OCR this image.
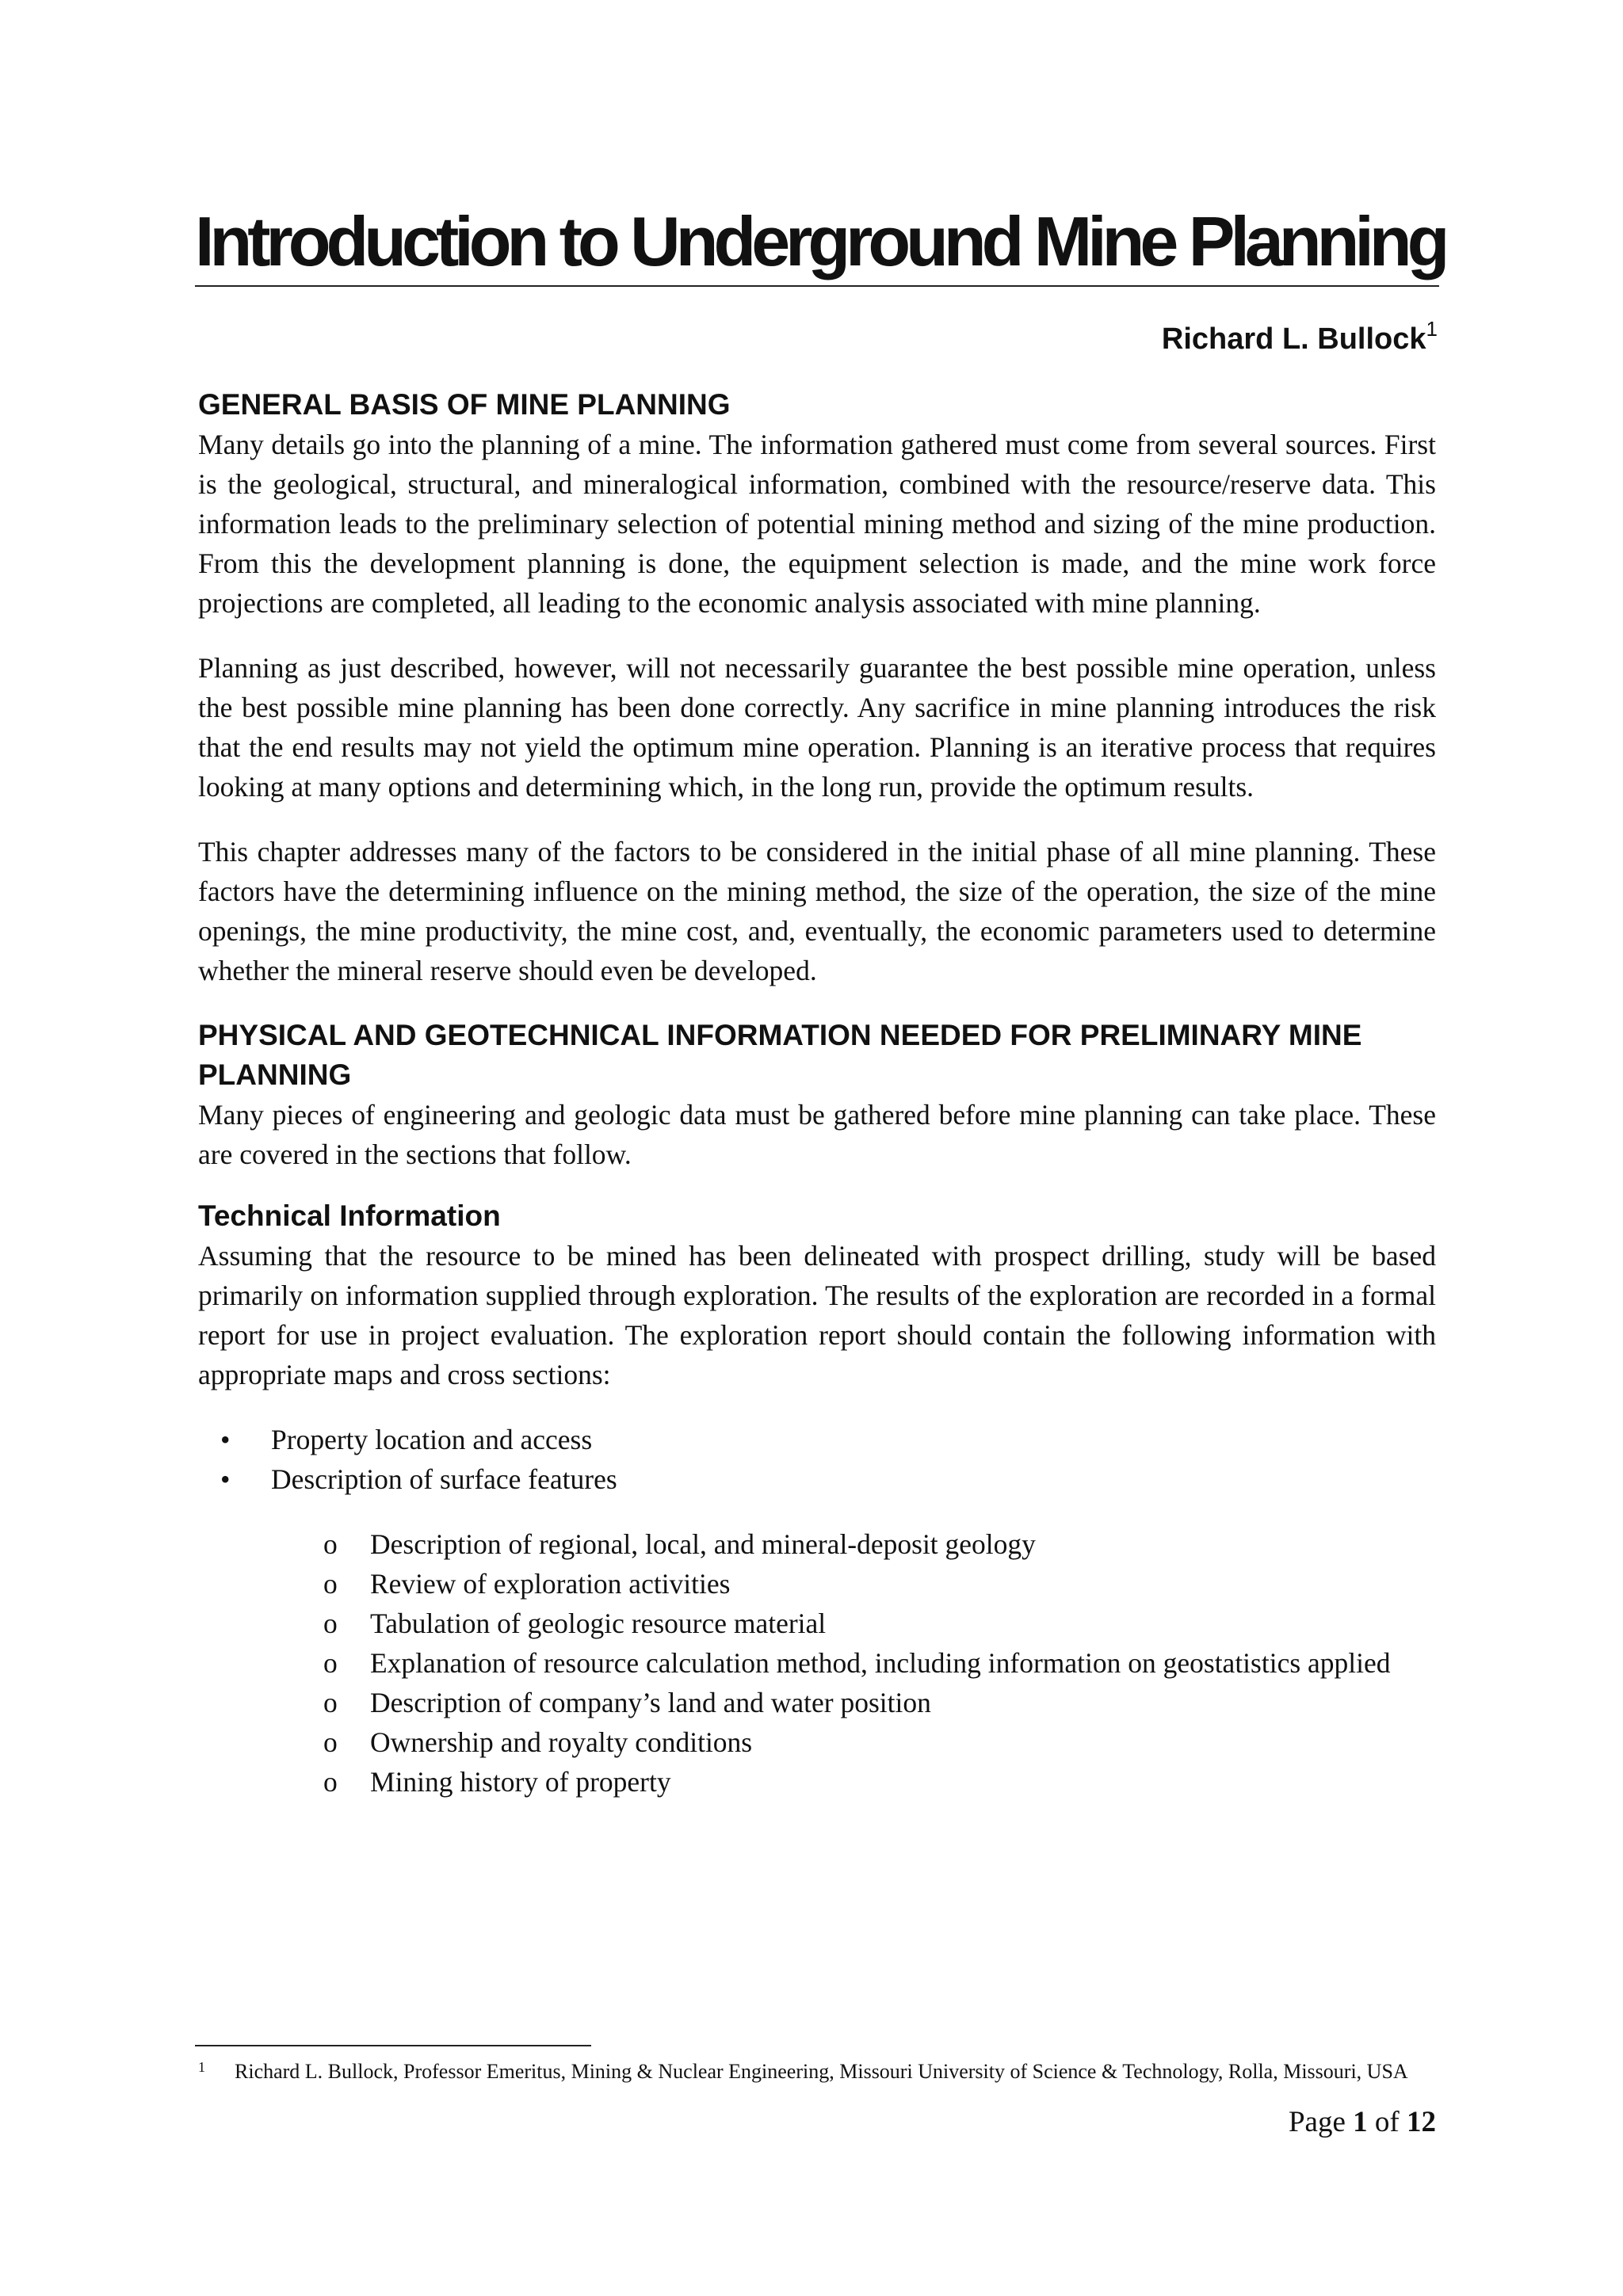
Introduction to Underground Mine Planning
Richard L. Bullock$^1$
GENERAL BASIS OF MINE PLANNING

Many details go into the planning of a mine. The information gathered must come from several sources. First is the geological, structural, and mineralogical information, combined with the resource/reserve data. This information leads to the preliminary selection of potential mining method and sizing of the mine production. From this the development planning is done, the equipment selection is made, and the mine work force projections are completed, all leading to the economic analysis associated with mine planning.

Planning as just described, however, will not necessarily guarantee the best possible mine operation, unless the best possible mine planning has been done correctly. Any sacrifice in mine planning introduces the risk that the end results may not yield the optimum mine operation. Planning is an iterative process that requires looking at many options and determining which, in the long run, provide the optimum results.

This chapter addresses many of the factors to be considered in the initial phase of all mine planning. These factors have the determining influence on the mining method, the size of the operation, the size of the mine openings, the mine productivity, the mine cost, and, eventually, the economic parameters used to determine whether the mineral reserve should even be developed.

PHYSICAL AND GEOTECHNICAL INFORMATION NEEDED FOR PRELIMINARY MINE PLANNING

Many pieces of engineering and geologic data must be gathered before mine planning can take place. These are covered in the sections that follow.

Technical Information

Assuming that the resource to be mined has been delineated with prospect drilling, study will be based primarily on information supplied through exploration. The results of the exploration are recorded in a formal report for use in project evaluation. The exploration report should contain the following information with appropriate maps and cross sections:

• Property location and access
• Description of surface features
o Description of regional, local, and mineral-deposit geology
o Review of exploration activities
o Tabulation of geologic resource material
o Explanation of resource calculation method, including information on geostatistics applied
o Description of company’s land and water position
o Ownership and royalty conditions
o Mining history of property
1 Richard L. Bullock, Professor Emeritus, Mining & Nuclear Engineering, Missouri University of Science & Technology, Rolla, Missouri, USA
Page 1 of 12
